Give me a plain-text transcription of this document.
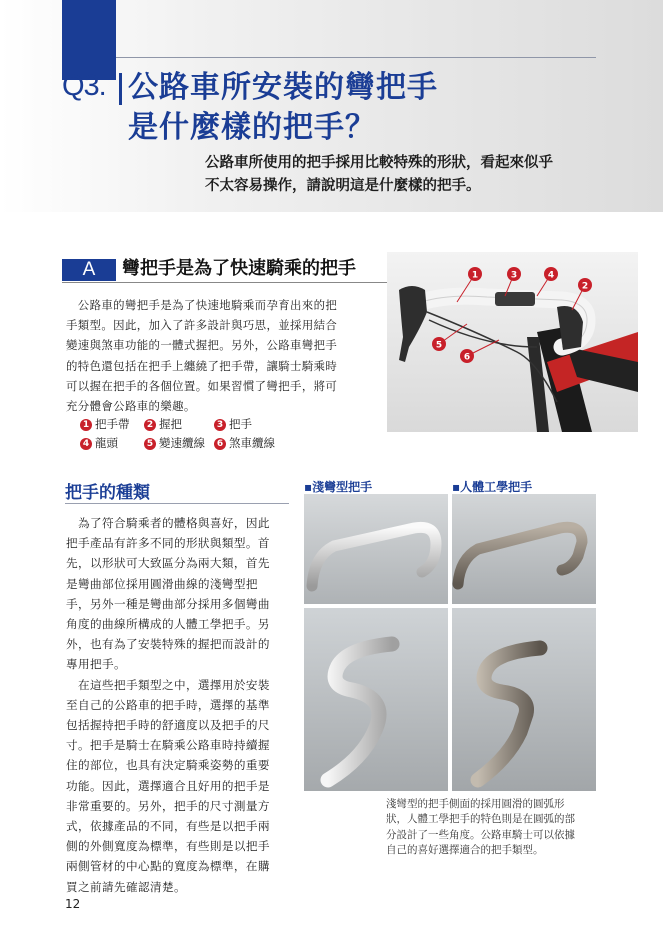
Q3. 公路車所安裝的彎把手
是什麼樣的把手？
公路車所使用的把手採用比較特殊的形狀，看起來似乎
不太容易操作，請說明這是什麼樣的把手。
A	彎把手是為了快速騎乘的把手
　公路車的彎把手是為了快速地騎乘而孕育出來的把
手類型。因此，加入了許多設計與巧思，並採用結合
變速與煞車功能的一體式握把。另外，公路車彎把手
的特色還包括在把手上纏繞了把手帶，讓騎士騎乘時
可以握在把手的各個位置。如果習慣了彎把手，將可
充分體會公路車的樂趣。
1 把手帶	2 握把	3 把手
4 龍頭	5 變速纜線	6 煞車纜線
1	3	4
2
5
6
把手的種類
　為了符合騎乘者的體格與喜好，因此
把手產品有許多不同的形狀與類型。首
先，以形狀可大致區分為兩大類，首先
是彎曲部位採用圓滑曲線的淺彎型把
手，另外一種是彎曲部分採用多個彎曲
角度的曲線所構成的人體工學把手。另
外，也有為了安裝特殊的握把而設計的
專用把手。
　在這些把手類型之中，選擇用於安裝
至自己的公路車的把手時，選擇的基準
包括握持把手時的舒適度以及把手的尺
寸。把手是騎士在騎乘公路車時持續握
住的部位，也具有決定騎乘姿勢的重要
功能。因此，選擇適合且好用的把手是
非常重要的。另外，把手的尺寸測量方
式，依據產品的不同，有些是以把手兩
側的外側寬度為標準，有些則是以把手
兩側管材的中心點的寬度為標準，在購
買之前請先確認清楚。
▪淺彎型把手	▪人體工學把手
淺彎型的把手側面的採用圓滑的圓弧形
狀，人體工學把手的特色則是在圓弧的部
分設計了一些角度。公路車騎士可以依據
自己的喜好選擇適合的把手類型。
12
